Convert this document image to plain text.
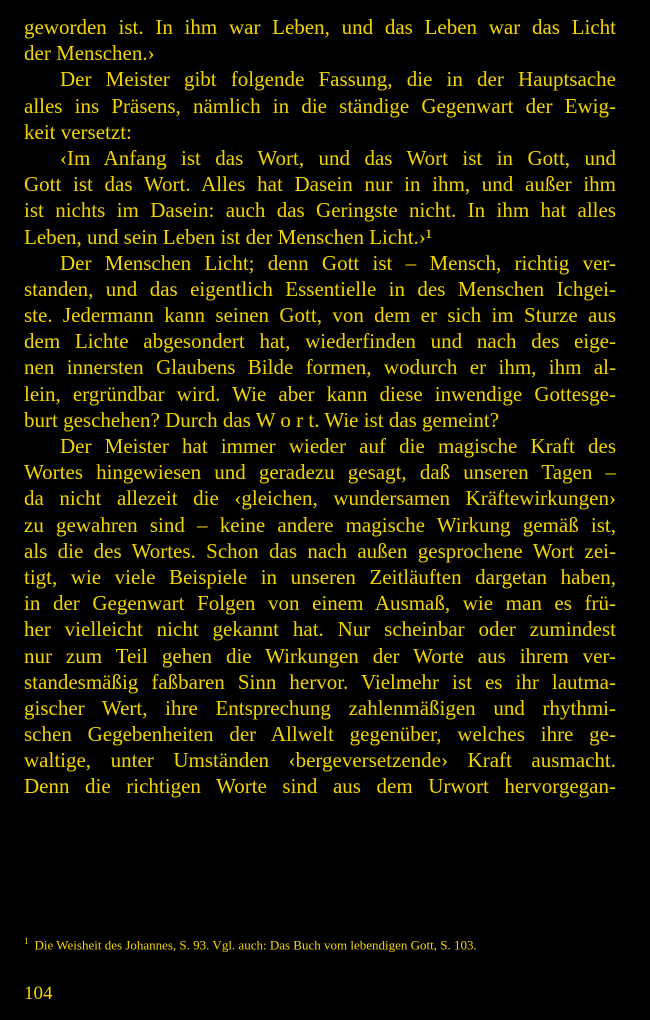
geworden ist. In ihm war Leben, und das Leben war das Licht
der Menschen.›
Der Meister gibt folgende Fassung, die in der Hauptsache
alles ins Präsens, nämlich in die ständige Gegenwart der Ewig-
keit versetzt:
‹Im Anfang ist das Wort, und das Wort ist in Gott, und
Gott ist das Wort. Alles hat Dasein nur in ihm, und außer ihm
ist nichts im Dasein: auch das Geringste nicht. In ihm hat alles
Leben, und sein Leben ist der Menschen Licht.›¹
Der Menschen Licht; denn Gott ist – Mensch, richtig ver-
standen, und das eigentlich Essentielle in des Menschen Ichgei-
ste. Jedermann kann seinen Gott, von dem er sich im Sturze aus
dem Lichte abgesondert hat, wiederfinden und nach des eige-
nen innersten Glaubens Bilde formen, wodurch er ihm, ihm al-
lein, ergründbar wird. Wie aber kann diese inwendige Gottesge-
burt geschehen? Durch das W o r t. Wie ist das gemeint?
Der Meister hat immer wieder auf die magische Kraft des
Wortes hingewiesen und geradezu gesagt, daß unseren Tagen –
da nicht allezeit die ‹gleichen, wundersamen Kräftewirkungen›
zu gewahren sind – keine andere magische Wirkung gemäß ist,
als die des Wortes. Schon das nach außen gesprochene Wort zei-
tigt, wie viele Beispiele in unseren Zeitläuften dargetan haben,
in der Gegenwart Folgen von einem Ausmaß, wie man es frü-
her vielleicht nicht gekannt hat. Nur scheinbar oder zumindest
nur zum Teil gehen die Wirkungen der Worte aus ihrem ver-
standesmäßig faßbaren Sinn hervor. Vielmehr ist es ihr lautma-
gischer Wert, ihre Entsprechung zahlenmäßigen und rhythmi-
schen Gegebenheiten der Allwelt gegenüber, welches ihre ge-
waltige, unter Umständen ‹bergeversetzende› Kraft ausmacht.
Denn die richtigen Worte sind aus dem Urwort hervorgegan-
$^1$ Die Weisheit des Johannes, S. 93. Vgl. auch: Das Buch vom lebendigen Gott, S. 103.
104
